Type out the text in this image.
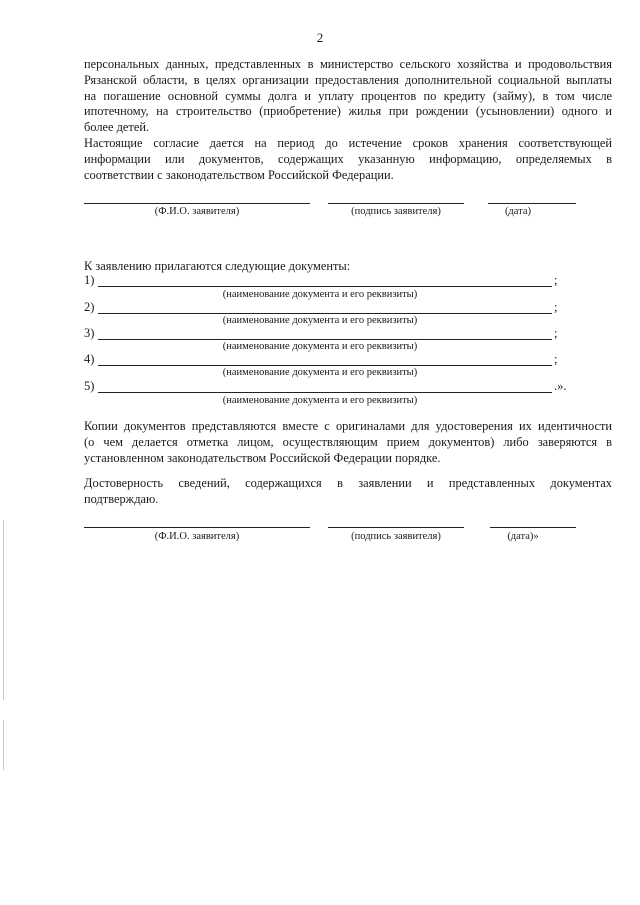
2
персональных данных, представленных в министерство сельского хозяйства и продовольствия
Рязанской области, в целях организации предоставления дополнительной социальной выплаты
на погашение основной суммы долга и уплату процентов по кредиту (займу), в том числе
ипотечному, на строительство (приобретение) жилья при рождении (усыновлении) одного и
более детей.
Настоящие согласие дается на период до истечение сроков хранения соответствующей
информации или документов, содержащих указанную информацию, определяемых в
соответствии с законодательством Российской Федерации.
(Ф.И.О. заявителя)	(подпись заявителя)	(дата)
К заявлению прилагаются следующие документы:
1)	;
(наименование документа и его реквизиты)
2)	;
(наименование документа и его реквизиты)
3)	;
(наименование документа и его реквизиты)
4)	;
(наименование документа и его реквизиты)
5)	.».
(наименование документа и его реквизиты)
Копии документов представляются вместе с оригиналами для удостоверения их идентичности
(о чем делается отметка лицом, осуществляющим прием документов) либо заверяются в
установленном законодательством Российской Федерации порядке.
Достоверность сведений, содержащихся в заявлении и представленных документах
подтверждаю.
(Ф.И.О. заявителя)	(подпись заявителя)	(дата)»
